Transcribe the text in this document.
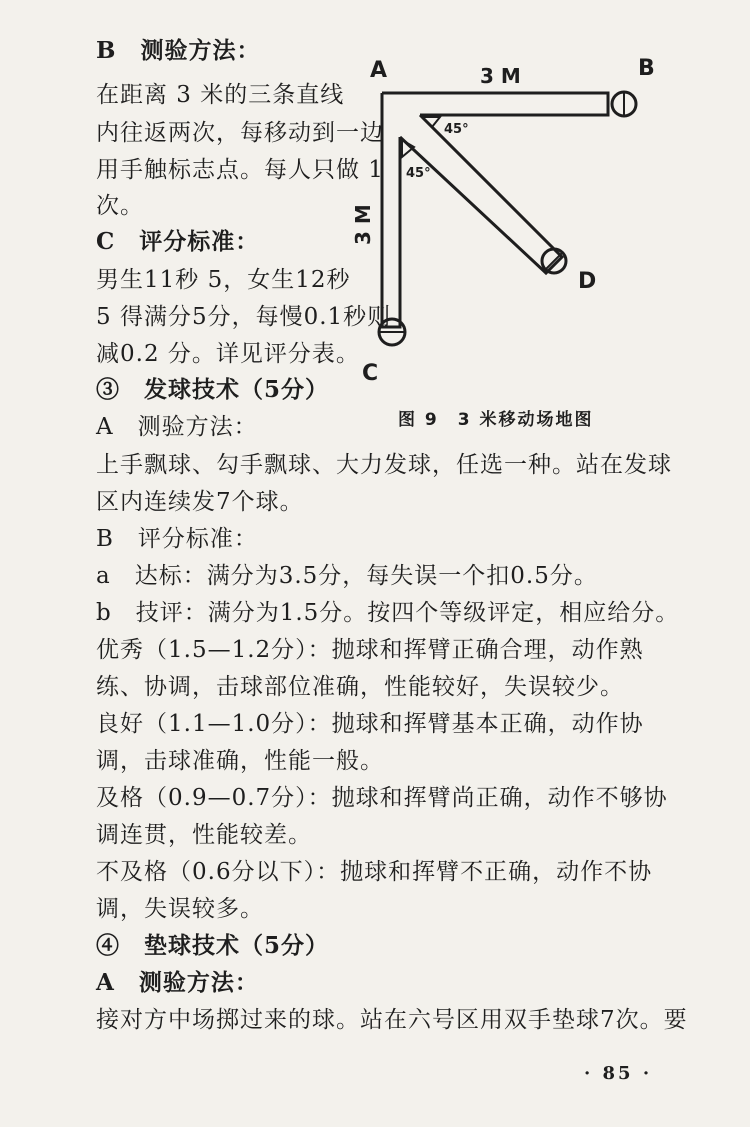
B　测验方法：
在距离 3 米的三条直线
内往返两次，每移动到一边
用手触标志点。每人只做 1
次。
C　评分标准：
男生11秒 5，女生12秒
5 得满分5分，每慢0.1秒则
减0.2 分。详见评分表。
③　发球技术（5分）
A　测验方法：
上手飘球、勾手飘球、大力发球，任选一种。站在发球
区内连续发7个球。
B　评分标准：
a　达标：满分为3.5分，每失误一个扣0.5分。
b　技评：满分为1.5分。按四个等级评定，相应给分。
优秀（1.5—1.2分）：抛球和挥臂正确合理，动作熟
练、协调，击球部位准确，性能较好，失误较少。
良好（1.1—1.0分）：抛球和挥臂基本正确，动作协
调，击球准确，性能一般。
及格（0.9—0.7分）：抛球和挥臂尚正确，动作不够协
调连贯，性能较差。
不及格（0.6分以下）：抛球和挥臂不正确，动作不协
调，失误较多。
④　垫球技术（5分）
A　测验方法：
接对方中场掷过来的球。站在六号区用双手垫球7次。要
A	B
C
D
3 M
3 M
45°
45°
图 9　3 米移动场地图
· 85 ·
